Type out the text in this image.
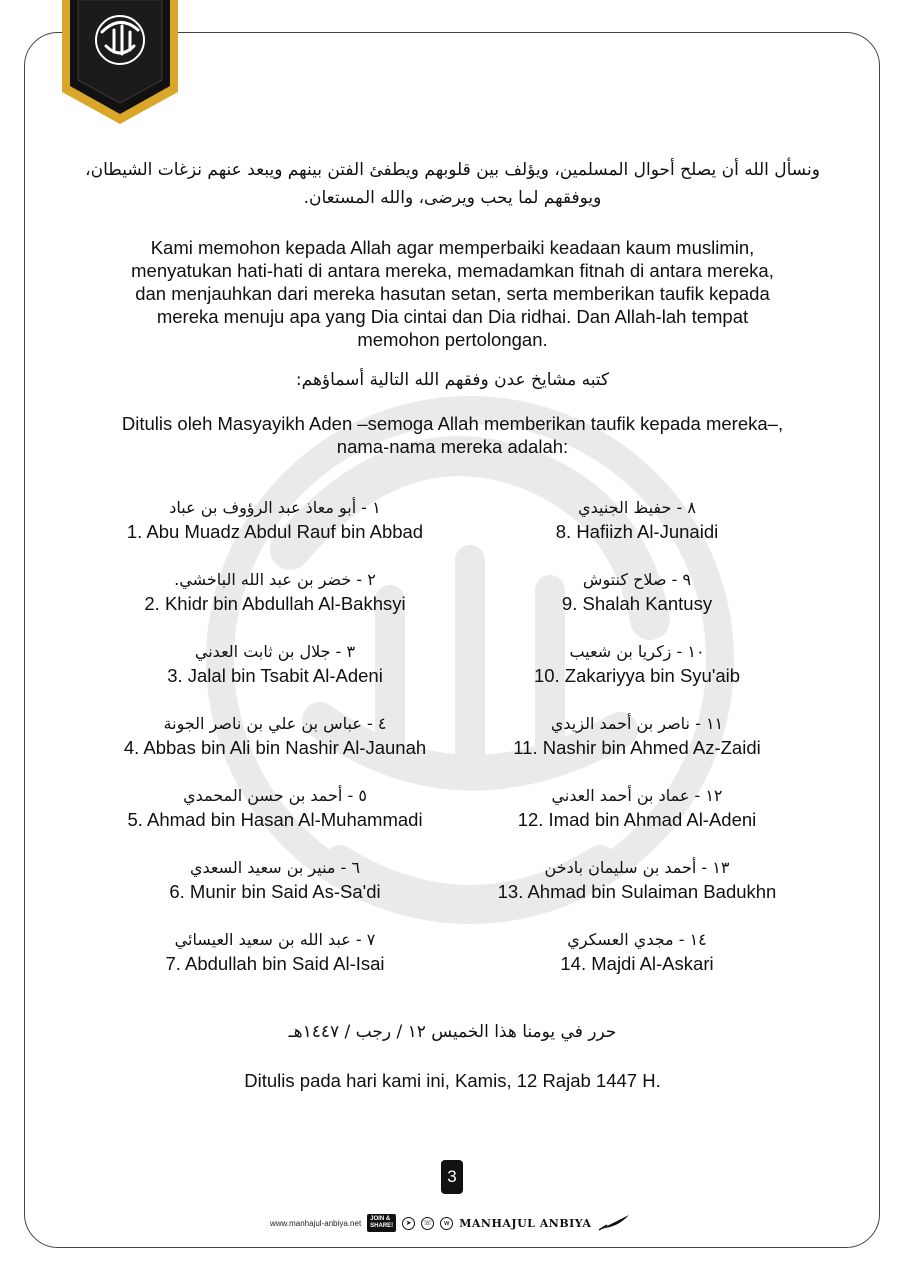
ونسأل الله أن يصلح أحوال المسلمين، ويؤلف بين قلوبهم ويطفئ الفتن بينهم ويبعد عنهم نزغات الشيطان، ويوفقهم لما يحب ويرضى، والله المستعان.
Kami memohon kepada Allah agar memperbaiki keadaan kaum muslimin, menyatukan hati-hati di antara mereka, memadamkan fitnah di antara mereka, dan menjauhkan dari mereka hasutan setan, serta memberikan taufik kepada mereka menuju apa yang Dia cintai dan Dia ridhai. Dan Allah-lah tempat memohon pertolongan.
كتبه مشايخ عدن وفقهم الله التالية أسماؤهم:
Ditulis oleh Masyayikh Aden –semoga Allah memberikan taufik kepada mereka–, nama-nama mereka adalah:
١ - أبو معاذ عبد الرؤوف بن عباد
1. Abu Muadz Abdul Rauf bin Abbad
٢ - خضر بن عبد الله الباخشي.
2. Khidr bin Abdullah Al-Bakhsyi
٣ - جلال بن ثابت العدني
3. Jalal bin Tsabit Al-Adeni
٤ - عباس بن علي بن ناصر الجونة
4. Abbas bin Ali bin Nashir Al-Jaunah
٥ - أحمد بن حسن المحمدي
5. Ahmad bin Hasan Al-Muhammadi
٦ - منير بن سعيد السعدي
6. Munir bin Said As-Sa'di
٧ - عبد الله بن سعيد العيسائي
7. Abdullah bin Said Al-Isai
٨ - حفيظ الجنيدي
8. Hafiizh Al-Junaidi
٩ - صلاح كنتوش
9. Shalah Kantusy
١٠ - زكريا بن شعيب
10. Zakariyya bin Syu'aib
١١ - ناصر بن أحمد الزيدي
11. Nashir bin Ahmed Az-Zaidi
١٢ - عماد بن أحمد العدني
12. Imad bin Ahmad Al-Adeni
١٣ - أحمد بن سليمان بادخن
13. Ahmad bin Sulaiman Badukhn
١٤ - مجدي العسكري
14. Majdi Al-Askari
حرر في يومنا هذا الخميس ١٢ / رجب / ١٤٤٧هـ
Ditulis pada hari kami ini, Kamis, 12 Rajab 1447 H.
3
www.manhajul-anbiya.net	JOIN &
SHARE!	➤	☏	w MANHAJUL ANBIYA
